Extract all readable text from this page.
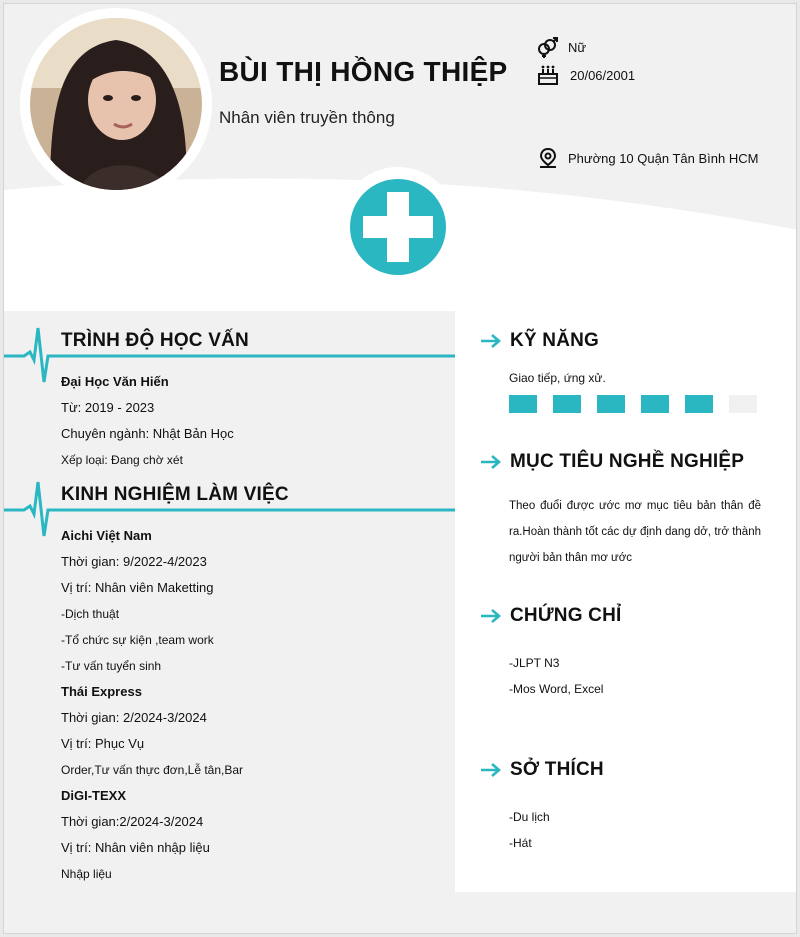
BÙI THỊ HỒNG THIỆP
Nhân viên truyền thông
Nữ
20/06/2001
Phường 10 Quận Tân Bình HCM
TRÌNH ĐỘ HỌC VẤN
Đại Học Văn Hiến
Từ: 2019 - 2023
Chuyên ngành: Nhật Bản Học
Xếp loại: Đang chờ xét
KINH NGHIỆM LÀM VIỆC
Aichi Việt Nam
Thời gian: 9/2022-4/2023
Vị trí: Nhân viên Maketting
-Dịch thuật
-Tổ chức sự kiện ,team work
-Tư vấn tuyển sinh
Thái Express
Thời gian: 2/2024-3/2024
Vị trí: Phục Vụ
Order,Tư vấn thực đơn,Lễ tân,Bar
DiGI-TEXX
Thời gian:2/2024-3/2024
Vị trí: Nhân viên nhập liệu
Nhập liệu
KỸ NĂNG
Giao tiếp, ứng xử.
MỤC TIÊU NGHỀ NGHIỆP
Theo đuổi được ước mơ mục tiêu bản thân đề ra.Hoàn thành tốt các dự định dang dở, trở thành người bản thân mơ ước
CHỨNG CHỈ
-JLPT N3
-Mos Word, Excel
SỞ THÍCH
-Du lịch
-Hát
